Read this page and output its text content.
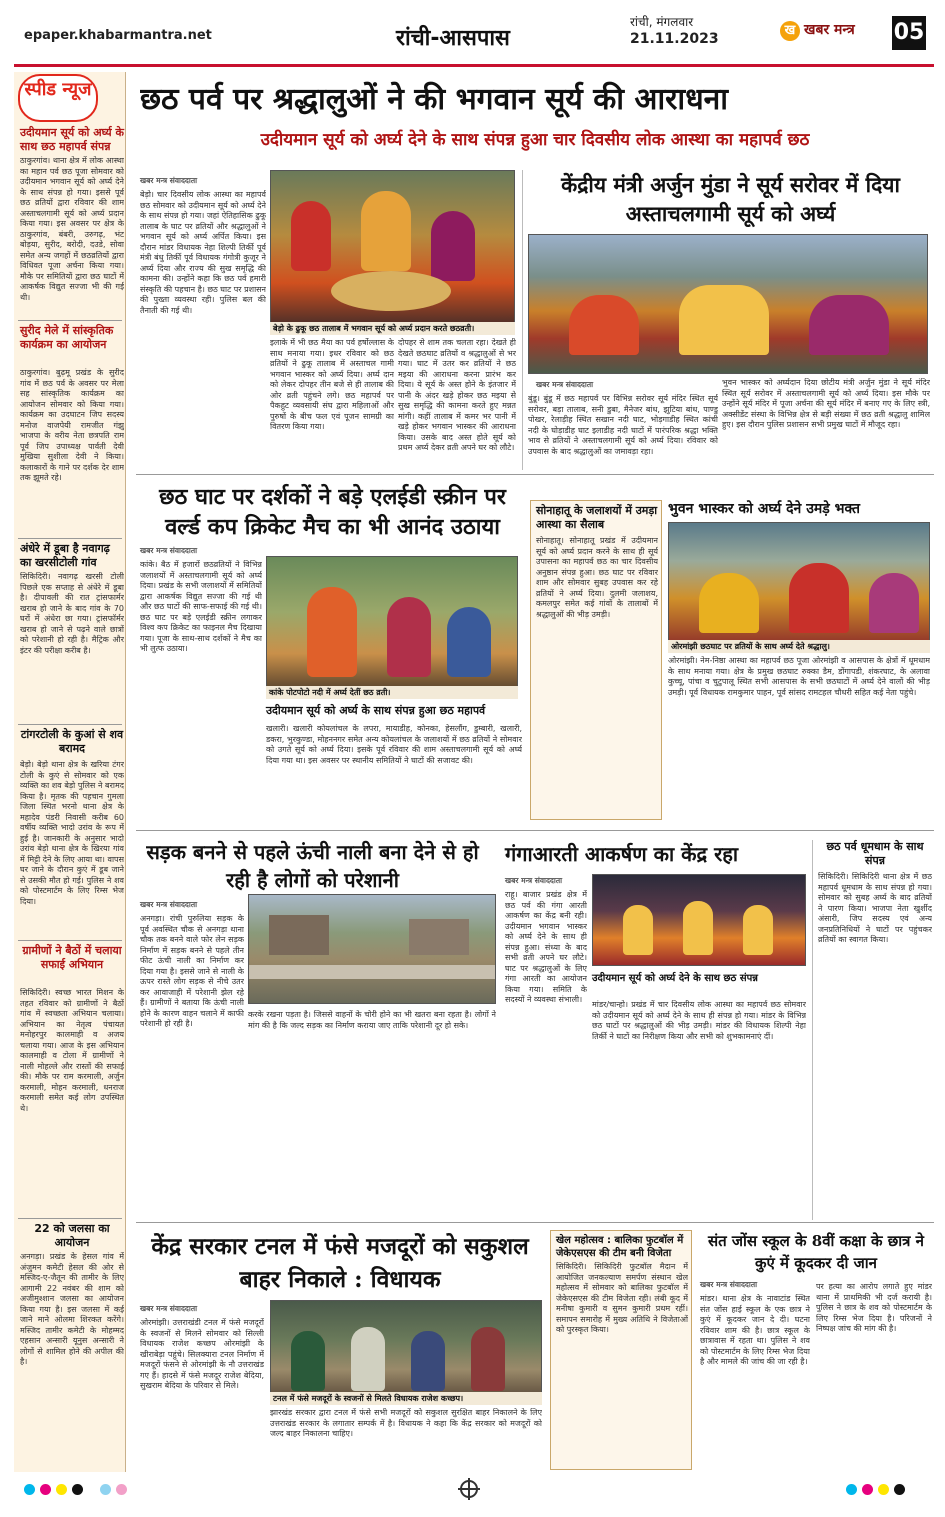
epaper.khabarmantra.net	रांची-आसपास
रांची, मंगलवार
21.11.2023
ख खबर मन्त्र 05
स्पीड न्यूज
उदीयमान सूर्य को अर्घ्य के साथ छठ महापर्व संपन्न
ठाकुरगांव। थाना क्षेत्र में लोक आस्था का महान पर्व छठ पूजा सोमवार को उदीयमान भगवान सूर्य को अर्घ्य देने के साथ संपन्न हो गया। इससे पूर्व छठ व्रतियों द्वारा रविवार की शाम अस्ताचलगामी सूर्य को अर्घ्य प्रदान किया गया। इस अवसर पर क्षेत्र के ठाकुरगांव, बंबरी, उरुगढ़, भंट बोड़या, सुरीद, बरोदी, दउडे, सोवा समेत अन्य जगहों में छठव्रतियों द्वारा विधिवत पूजा अर्चना किया गया। मौके पर समितियों द्वारा छठ घाटों में आकर्षक विद्युत सज्जा भी की गई थी।
सुरीद मेले में सांस्कृतिक कार्यक्रम का आयोजन
ठाकुरगांव। बुढ़मू प्रखंड के सुरीद गांव में छठ पर्व के अवसर पर मेला सह सांस्कृतिक कार्यक्रम का आयोजन सोमवार को किया गया। कार्यक्रम का उदघाटन जिप सदस्य मनोज वाजपेयी रामजीत गंझु भाजपा के वरीय नेता छत्रपति राम पूर्व जिप उपाध्यक्ष पार्वती देवी मुखिया सुशीला देवी ने किया। कलाकारों के गाने पर दर्शक देर शाम तक झूमते रहे।
अंधेरे में डूबा है नवागढ़ का खरसीटोली गांव
सिकिदिरी। नवागढ़ खरसी टोली पिछले एक सप्ताह से अंधेरे में डूबा है। दीपावली की रात ट्रांसफार्मर खराब हो जाने के बाद गांव के 70 घरों में अंधेरा छा गया। ट्रांसफॉर्मर खराब हो जाने से पढ़ने वाले छात्रों को परेशानी हो रही है। मैट्रिक और इंटर की परीक्षा करीब है।
टांगरटोली के कुआं से शव बरामद
बेड़ो। बेड़ो थाना क्षेत्र के खरिया टंगर टोली के कुएं से सोमवार को एक व्यक्ति का शव बेड़ो पुलिस ने बरामद किया है। मृतक की पहचान गुमला जिला स्थित भरनो थाना क्षेत्र के महादेव पंडरी निवासी करीब 60 वर्षीय व्यक्ति भादो उरांव के रूप में हुई है। जानकारी के अनुसार भादो उरांव बेड़ो थाना क्षेत्र के खिरया गांव में मिट्टी देने के लिए आया था। वापस घर जाने के दौरान कुएं में डूब जाने से उसकी मौत हो गई। पुलिस ने शव को पोस्टमार्टम के लिए रिम्स भेज दिया।
ग्रामीणों ने बैठों में चलाया सफाई अभियान
सिकिदिरी। स्वच्छ भारत मिशन के तहत रविवार को ग्रामीणों ने बैठों गांव में स्वच्छता अभियान चलाया। अभियान का नेतृत्व पंचायत मनोहरपुर कालमाही व अजय चलाया गया। आज के इस अभियान कालमाही व टोला में ग्रामीणों ने नाली मोहल्ले और रास्तों की सफाई की। मौके पर राम करमाली, अर्जुन करमाली, मोहन करमाली, धनराज करमाली समेत कई लोग उपस्थित थे।
22 को जलसा का आयोजन
अनगड़ा। प्रखंड के हेसल गांव में अंजुमन कमेटी हेसल की ओर से मस्जिद-ए-जैतून की तामीर के लिए आगामी 22 नवंबर की शाम को अजीमुश्शान जलसा का आयोजन किया गया है। इस जलसा में कई जाने माने ओलमा शिरकत करेंगे। मस्जिद तामीर कमेटी के मोहम्मद एहसान अन्सारी यूनुस अन्सारी ने लोगों से शामिल होने की अपील की है।
छठ पर्व पर श्रद्धालुओं ने की भगवान सूर्य की आराधना
उदीयमान सूर्य को अर्घ्य देने के साथ संपन्न हुआ चार दिवसीय लोक आस्था का महापर्व छठ
खबर मन्त्र संवाददाता
बेड़ो। चार दिवसीय लोक आस्था का महापर्व छठ सोमवार को उदीयमान सूर्य को अर्घ्य देने के साथ संपन्न हो गया। जहां ऐतिहासिक ढुकू तालाब के घाट पर व्रतियों और श्रद्धालुओं ने भगवान सूर्य को अर्घ्य अर्पित किया। इस दौरान मांडर विधायक नेहा शिल्पी तिर्की पूर्व मंत्री बंधु तिर्की पूर्व विधायक गंगोत्री कुजूर ने अर्घ्य दिया और राज्य की सुख समृद्धि की कामना की। उन्होंने कहा कि छठ पर्व हमारी संस्कृति की पहचान है। छठ घाट पर प्रशासन की पुख्ता व्यवस्था रही। पुलिस बल की तैनाती की गई थी।
बेड़ो के ढुकू छठ तालाब में भगवान सूर्य को अर्घ्य प्रदान करते छठव्रती।
इलाके में भी छठ मैया का पर्व हर्षोल्लास के साथ मनाया गया। इधर रविवार को छठ व्रतियों ने ढुकू तालाब में अस्ताचल गामी भगवान भास्कर को अर्घ्य दिया। अर्घ्य दान को लेकर दोपहर तीन बजे से ही तालाब की ओर व्रती पहुंचने लगे। छठ महापर्व पर पैकहुट व्यवसायी संघ द्वारा महिलाओं और पुरुषों के बीच फल एवं पूजन सामग्री का वितरण किया गया।
दोपहर से शाम तक चलता रहा। देखते ही देखते छठघाट व्रतियों व श्रद्धालुओं से भर गया। घाट में उतर कर व्रतियों ने छठ मइया की आराधना करना प्रारंभ कर दिया। ये सूर्य के अस्त होने के इंतजार में पानी के अंदर खड़े होकर छठ मइया से सुख समृद्धि की कामना करते हुए मन्नत मांगी। कहीं तालाब में कमर भर पानी में खड़े होकर भगवान भास्कर की आराधना किया। उसके बाद अस्त होते सूर्य को प्रथम अर्घ्य देकर व्रती अपने घर को लौटे।
केंद्रीय मंत्री अर्जुन मुंडा ने सूर्य सरोवर में दिया अस्ताचलगामी सूर्य को अर्घ्य
खबर मन्त्र संवाददाता
बुंडू। बुंडू में छठ महापर्व पर विभिन्न सरोवर सूर्य मंदिर स्थित सूर्य सरोवर, बड़ा तालाब, सनी डुबा, मैनेजर बांध, झुटिया बांध, पाण्डु पोखर, रेलाड़ीह स्थित सखान नदी घाट, भोड़गाडीह स्थित कांची नदी के घोड़ाडीह घाट इलाडीह नदी घाटों में पारंपरिक श्रद्धा भक्ति भाव से व्रतियों ने अस्ताचलगामी सूर्य को अर्घ्य दिया। रविवार को उपवास के बाद श्रद्धालुओं का जमावड़ा रहा।
भुवन भास्कर को अर्घ्यदान दिया छोटीय मंत्री अर्जुन मुंडा ने सूर्य मंदिर स्थित सूर्य सरोवर में अस्ताचलगामी सूर्य को अर्घ्य दिया। इस मौके पर उन्होंने सूर्य मंदिर में पूजा अर्चना की सूर्य मंदिर में बनाए गए के लिए स्त्री, अक्सीडेंट संस्था के विभिन्न क्षेत्र से बड़ी संख्या में छठ व्रती श्रद्धालु शामिल हुए। इस दौरान पुलिस प्रशासन सभी प्रमुख घाटों में मौजूद रहा।
छठ घाट पर दर्शकों ने बड़े एलईडी स्क्रीन पर वर्ल्ड कप क्रिकेट मैच का भी आनंद उठाया
खबर मन्त्र संवाददाता
कांके। बैठ में हजारों छठव्रतियों ने विभिन्न जलाशयों में अस्ताचलगामी सूर्य को अर्घ्य दिया। प्रखंड के सभी जलाशयों में समितियों द्वारा आकर्षक विद्युत सज्जा की गई थी और छठ घाटों की साफ-सफाई की गई थी। छठ घाट पर बड़े एलईडी स्क्रीन लगाकर विश्व कप क्रिकेट का फाइनल मैच दिखाया गया। पूजा के साथ-साथ दर्शकों ने मैच का भी लुत्फ उठाया।
कांके पोटपोटो नदी में अर्घ्य देतीं छठ व्रती।
उदीयमान सूर्य को अर्घ्य के साथ संपन्न हुआ छठ महापर्व
खलारी। खलारी कोयलांचल के लपरा, मायाडीह, कोनका, हेसलौंग, डुम्बारी, खलारी, डकरा, भुरकुण्डा, मोहननगर समेत अन्य कोयलांचल के जलाशयों में छठ व्रतियों ने सोमवार को उगते सूर्य को अर्घ्य दिया। इसके पूर्व रविवार की शाम अस्ताचलगामी सूर्य को अर्घ्य दिया गया था। इस अवसर पर स्थानीय समितियों ने घाटों की सजावट की।
सोनाहातू के जलाशयों में उमड़ा आस्था का सैलाब
सोनाहातू। सोनाहातू प्रखंड में उदीयमान सूर्य को अर्घ्य प्रदान करने के साथ ही सूर्य उपासना का महापर्व छठ का चार दिवसीय अनुष्ठान संपन्न हुआ। छठ घाट पर रविवार शाम और सोमवार सुबह उपवास कर रहे व्रतियों ने अर्घ्य दिया। दुलमी जलाशय, कमलपुर समेत कई गांवों के तालाबों में श्रद्धालुओं की भीड़ उमड़ी।
भुवन भास्कर को अर्घ्य देने उमड़े भक्त
ओरमांझी छठघाट पर व्रतियों के साथ अर्घ्य देते श्रद्धालु।
ओरमांझी। नेम-निष्ठा आस्था का महापर्व छठ पूजा ओरमांझी व आसपास के क्षेत्रों में धूमधाम के साथ मनाया गया। क्षेत्र के प्रमुख छठघाट रुक्का डैम, डोंगापडी, शंकरघाट, के अलावा कुच्चू, पांचा व चुटुपालू स्थित सभी आसपास के सभी छठघाटों में अर्घ्य देने वालों की भीड़ उमड़ी। पूर्व विधायक रामकुमार पाहन, पूर्व सांसद रामटहल चौधरी सहित कई नेता पहुंचे।
सड़क बनने से पहले ऊंची नाली बना देने से हो रही है लोगों को परेशानी
खबर मन्त्र संवाददाता
अनगड़ा। रांची पुरुलिया सड़क के पूर्व अवस्थित चौक से अनगड़ा थाना चौक तक बनने वाले फोर लेन सड़क निर्माण में सड़क बनने से पहले तीन फीट ऊंची नाली का निर्माण कर दिया गया है। इससे जाने से नाली के ऊपर रास्ते लोग सड़क से नीचे उतर कर आवाजाही में परेशानी झेल रहे हैं। ग्रामीणों ने बताया कि ऊंची नाली होने के कारण वाहन चलाने में काफी परेशानी हो रही है।
करके रखना पड़ता है। जिससे वाहनों के चोरी होने का भी खतरा बना रहता है। लोगों ने मांग की है कि जल्द सड़क का निर्माण कराया जाए ताकि परेशानी दूर हो सके।
गंगाआरती आकर्षण का केंद्र रहा
खबर मन्त्र संवाददाता
राहू। बाजार प्रखंड क्षेत्र में छठ पर्व की गंगा आरती आकर्षण का केंद्र बनी रही। उदीयमान भगवान भास्कर को अर्घ्य देने के साथ ही संपन्न हुआ। संध्या के बाद सभी व्रती अपने घर लौटे। घाट पर श्रद्धालुओं के लिए गंगा आरती का आयोजन किया गया। समिति के सदस्यों ने व्यवस्था संभाली।
उदीयमान सूर्य को अर्घ्य देने के साथ छठ संपन्न
मांडर/चान्हो। प्रखंड में चार दिवसीय लोक आस्था का महापर्व छठ सोमवार को उदीयमान सूर्य को अर्घ्य देने के साथ ही संपन्न हो गया। मांडर के विभिन्न छठ घाटों पर श्रद्धालुओं की भीड़ उमड़ी। मांडर की विधायक शिल्पी नेहा तिर्की ने घाटों का निरीक्षण किया और सभी को शुभकामनाएं दीं।
छठ पर्व धूमधाम के साथ संपन्न
सिकिदिरी। सिकिदिरी थाना क्षेत्र में छठ महापर्व धूमधाम के साथ संपन्न हो गया। सोमवार को सुबह अर्घ्य के बाद व्रतियों ने पारण किया। भाजपा नेता खुर्शीद अंसारी, जिप सदस्य एवं अन्य जनप्रतिनिधियों ने घाटों पर पहुंचकर व्रतियों का स्वागत किया।
केंद्र सरकार टनल में फंसे मजदूरों को सकुशल बाहर निकाले : विधायक
खबर मन्त्र संवाददाता
ओरमांझी। उत्तराखंडी टनल में फंसे मजदूरों के स्वजनों से मिलने सोमवार को सिल्ली विधायक राजेश कच्छप ओरमांझी के खीराबेड़ा पहुंचे। सिलक्यारा टनल निर्माण में मजदूरों फंसने से ओरमांझी के नौ उत्तराखंड गए हैं। हादसे में फंसे मजदूर राजेश बेदिया, सुखराम बेदिया के परिवार से मिले।
टनल में फंसे मजदूरों के स्वजनों से मिलते विधायक राजेश कच्छप।
झारखंड सरकार द्वारा टनल में फंसे सभी मजदूरों को सकुशल सुरक्षित बाहर निकालने के लिए उत्तराखंड सरकार के लगातार सम्पर्क में है। विधायक ने कहा कि केंद्र सरकार को मजदूरों को जल्द बाहर निकालना चाहिए।
खेल महोत्सव : बालिका फुटबॉल में जेकेएसएस की टीम बनी विजेता
सिकिदिरी। सिकिदिरी फुटबॉल मैदान में आयोजित जनकल्याण समर्पण संस्थान खेल महोत्सव में सोमवार को बालिका फुटबॉल में जेकेएसएस की टीम विजेता रही। लंबी कूद में मनीषा कुमारी व सुमन कुमारी प्रथम रहीं। समापन समारोह में मुख्य अतिथि ने विजेताओं को पुरस्कृत किया।
संत जोंस स्कूल के 8वीं कक्षा के छात्र ने कुएं में कूदकर दी जान
खबर मन्त्र संवाददाता
मांडर। थाना क्षेत्र के नावाटांड स्थित संत जोंस हाई स्कूल के एक छात्र ने कुएं में कूदकर जान दे दी। घटना रविवार शाम की है। छात्र स्कूल के छात्रावास में रहता था। पुलिस ने शव को पोस्टमार्टम के लिए रिम्स भेज दिया है और मामले की जांच की जा रही है।
पर हत्या का आरोप लगाते हुए मांडर थाना में प्राथमिकी भी दर्ज करायी है। पुलिस ने छात्र के शव को पोस्टमार्टम के लिए रिम्स भेज दिया है। परिजनों ने निष्पक्ष जांच की मांग की है।
